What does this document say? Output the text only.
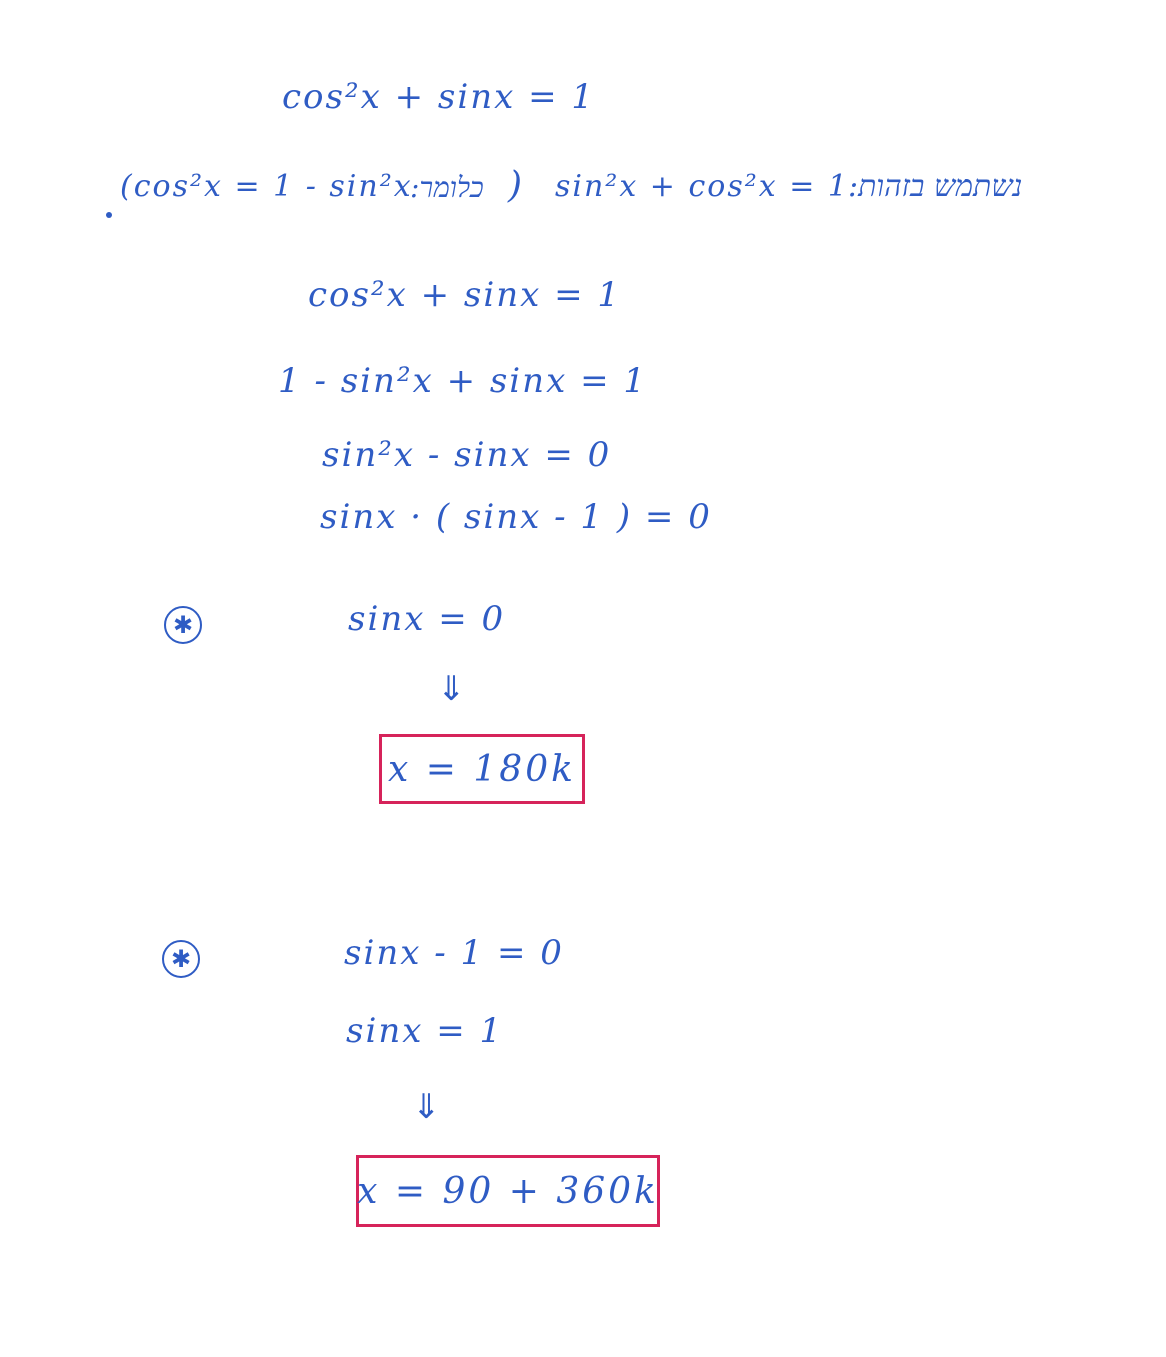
cos²x + sinx = 1
(cos²x = 1 - sin²x
כלומר: ) sin²x + cos²x = 1 נשתמש בזהות:
cos²x + sinx = 1
1 - sin²x + sinx = 1
sin²x - sinx = 0
sinx · ( sinx - 1 ) = 0
✱	sinx = 0
⇓
x = 180k
✱	sinx - 1 = 0
sinx = 1
⇓
x = 90 + 360k
